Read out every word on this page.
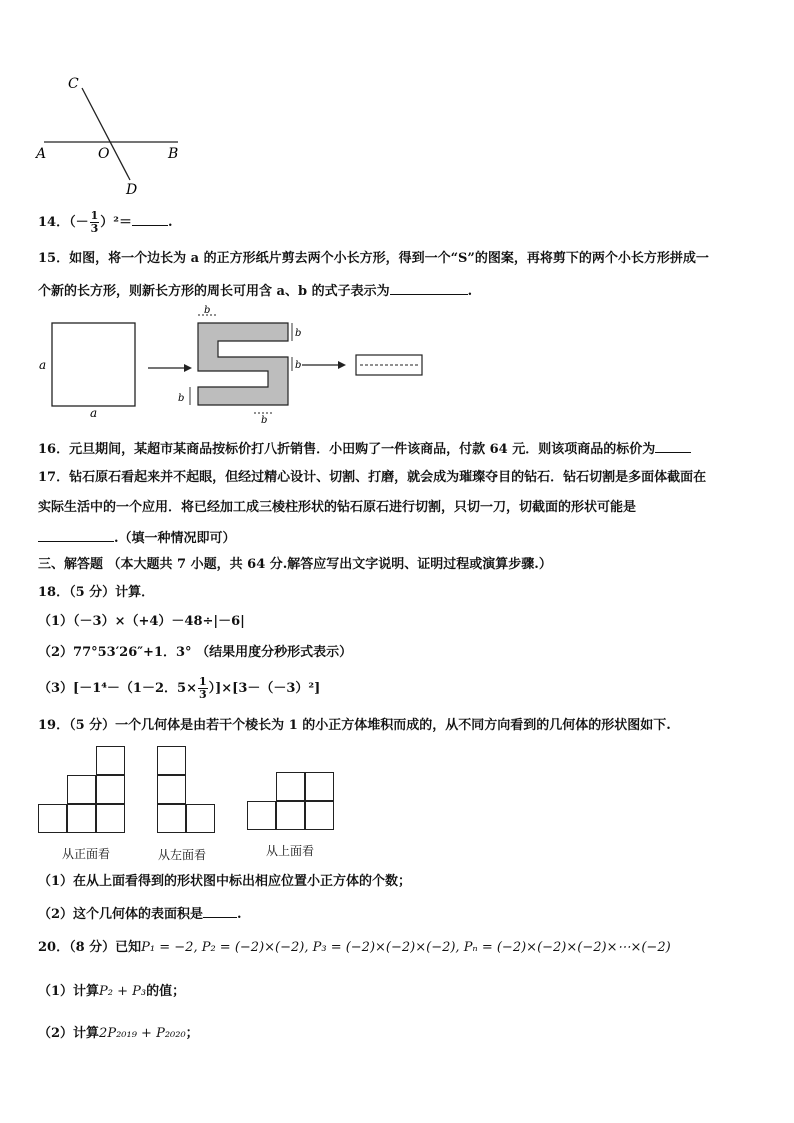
C
A	O	B
D
14．（－ $\frac{1}{3} )^2=$	.
15．如图，将一个边长为 a 的正方形纸片剪去两个小长方形，得到一个“S”的图案，再将剪下的两个小长方形拼成一
个新的长方形，则新长方形的周长可用含 a、b 的式子表示为	.
a
a
b
b
b
b
b
16．元旦期间，某超市某商品按标价打八折销售．小田购了一件该商品，付款 64 元．则该项商品的标价为
17．钻石原石看起来并不起眼，但经过精心设计、切割、打磨，就会成为璀璨夺目的钻石．钻石切割是多面体截面在
实际生活中的一个应用．将已经加工成三棱柱形状的钻石原石进行切割，只切一刀，切截面的形状可能是
.（填一种情况即可）
三、解答题 （本大题共 7 小题，共 64 分.解答应写出文字说明、证明过程或演算步骤.）
18．（5 分）计算．
（1）（－3）×（+4）－48÷|－6|
（2）77°53′26″+1．3° （结果用度分秒形式表示）
（3）[－1⁴－（1－2．$5\times \frac{1}{3} )]\times[3-(-3)^2]$
19．（5 分）一个几何体是由若干个棱长为 1 的小正方体堆积而成的，从不同方向看到的几何体的形状图如下.
从正面看	从左面看	从上面看
（1）在从上面看得到的形状图中标出相应位置小正方体的个数；
（2）这个几何体的表面积是	.
20．（8 分）已知P₁ = −2, P₂ = (−2)×(−2), P₃ = (−2)×(−2)×(−2), Pₙ = (−2)×(−2)×(−2)×⋯×(−2)
（1）计算P₂ + P₃的值；
（2）计算2P₂₀₁₉ + P₂₀₂₀；
